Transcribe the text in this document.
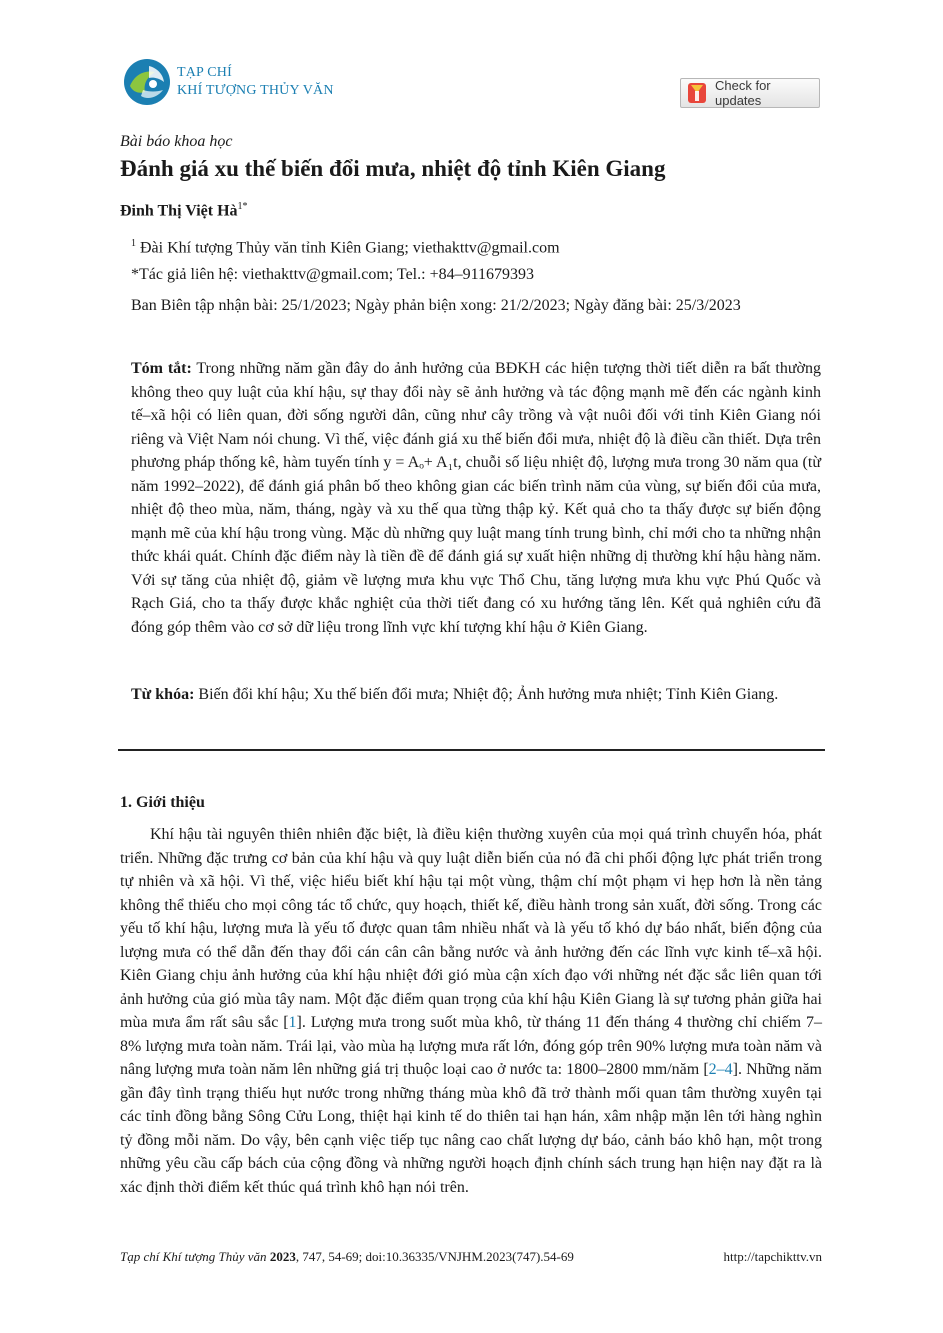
TẠP CHÍ
KHÍ TƯỢNG THỦY VĂN	Check for updates
Bài báo khoa học
Đánh giá xu thế biến đổi mưa, nhiệt độ tỉnh Kiên Giang
Đinh Thị Việt $Hà^{1*}$
$^1$ Đài Khí tượng Thủy văn tỉnh Kiên Giang; viethakttv@gmail.com
*Tác giả liên hệ: viethakttv@gmail.com; Tel.: +84–911679393
Ban Biên tập nhận bài: 25/1/2023; Ngày phản biện xong: 21/2/2023; Ngày đăng bài: 25/3/2023
Tóm tắt: Trong những năm gần đây do ảnh hưởng của BĐKH các hiện tượng thời tiết diễn ra bất thường không theo quy luật của khí hậu, sự thay đổi này sẽ ảnh hưởng và tác động mạnh mẽ đến các ngành kinh tế–xã hội có liên quan, đời sống người dân, cũng như cây trồng và vật nuôi đối với tỉnh Kiên Giang nói riêng và Việt Nam nói chung. Vì thế, việc đánh giá xu thế biến đổi mưa, nhiệt độ là điều cần thiết. Dựa trên phương pháp thống kê, hàm tuyến tính y = Aₒ+ A₁t, chuỗi số liệu nhiệt độ, lượng mưa trong 30 năm qua (từ năm 1992–2022), để đánh giá phân bố theo không gian các biến trình năm của vùng, sự biến đổi của mưa, nhiệt độ theo mùa, năm, tháng, ngày và xu thế qua từng thập kỷ. Kết quả cho ta thấy được sự biến động mạnh mẽ của khí hậu trong vùng. Mặc dù những quy luật mang tính trung bình, chỉ mới cho ta những nhận thức khái quát. Chính đặc điểm này là tiền đề để đánh giá sự xuất hiện những dị thường khí hậu hàng năm. Với sự tăng của nhiệt độ, giảm về lượng mưa khu vực Thổ Chu, tăng lượng mưa khu vực Phú Quốc và Rạch Giá, cho ta thấy được khắc nghiệt của thời tiết đang có xu hướng tăng lên. Kết quả nghiên cứu đã đóng góp thêm vào cơ sở dữ liệu trong lĩnh vực khí tượng khí hậu ở Kiên Giang.
Từ khóa: Biến đổi khí hậu; Xu thế biến đổi mưa; Nhiệt độ; Ảnh hưởng mưa nhiệt; Tỉnh Kiên Giang.
1. Giới thiệu
Khí hậu tài nguyên thiên nhiên đặc biệt, là điều kiện thường xuyên của mọi quá trình chuyển hóa, phát triển. Những đặc trưng cơ bản của khí hậu và quy luật diễn biến của nó đã chi phối động lực phát triển trong tự nhiên và xã hội. Vì thế, việc hiểu biết khí hậu tại một vùng, thậm chí một phạm vi hẹp hơn là nền tảng không thể thiếu cho mọi công tác tổ chức, quy hoạch, thiết kế, điều hành trong sản xuất, đời sống. Trong các yếu tố khí hậu, lượng mưa là yếu tố được quan tâm nhiều nhất và là yếu tố khó dự báo nhất, biến động của lượng mưa có thể dẫn đến thay đổi cán cân cân bằng nước và ảnh hưởng đến các lĩnh vực kinh tế–xã hội. Kiên Giang chịu ảnh hưởng của khí hậu nhiệt đới gió mùa cận xích đạo với những nét đặc sắc liên quan tới ảnh hưởng của gió mùa tây nam. Một đặc điểm quan trọng của khí hậu Kiên Giang là sự tương phản giữa hai mùa mưa ẩm rất sâu sắc [1]. Lượng mưa trong suốt mùa khô, từ tháng 11 đến tháng 4 thường chỉ chiếm 7–8% lượng mưa toàn năm. Trái lại, vào mùa hạ lượng mưa rất lớn, đóng góp trên 90% lượng mưa toàn năm và nâng lượng mưa toàn năm lên những giá trị thuộc loại cao ở nước ta: 1800–2800 mm/năm [2–4]. Những năm gần đây tình trạng thiếu hụt nước trong những tháng mùa khô đã trở thành mối quan tâm thường xuyên tại các tỉnh đồng bằng Sông Cửu Long, thiệt hại kinh tế do thiên tai hạn hán, xâm nhập mặn lên tới hàng nghìn tỷ đồng mỗi năm. Do vậy, bên cạnh việc tiếp tục nâng cao chất lượng dự báo, cảnh báo khô hạn, một trong những yêu cầu cấp bách của cộng đồng và những người hoạch định chính sách trung hạn hiện nay đặt ra là xác định thời điểm kết thúc quá trình khô hạn nói trên.
Tạp chí Khí tượng Thủy văn 2023, 747, 54-69; doi:10.36335/VNJHM.2023(747).54-69	http://tapchikttv.vn
